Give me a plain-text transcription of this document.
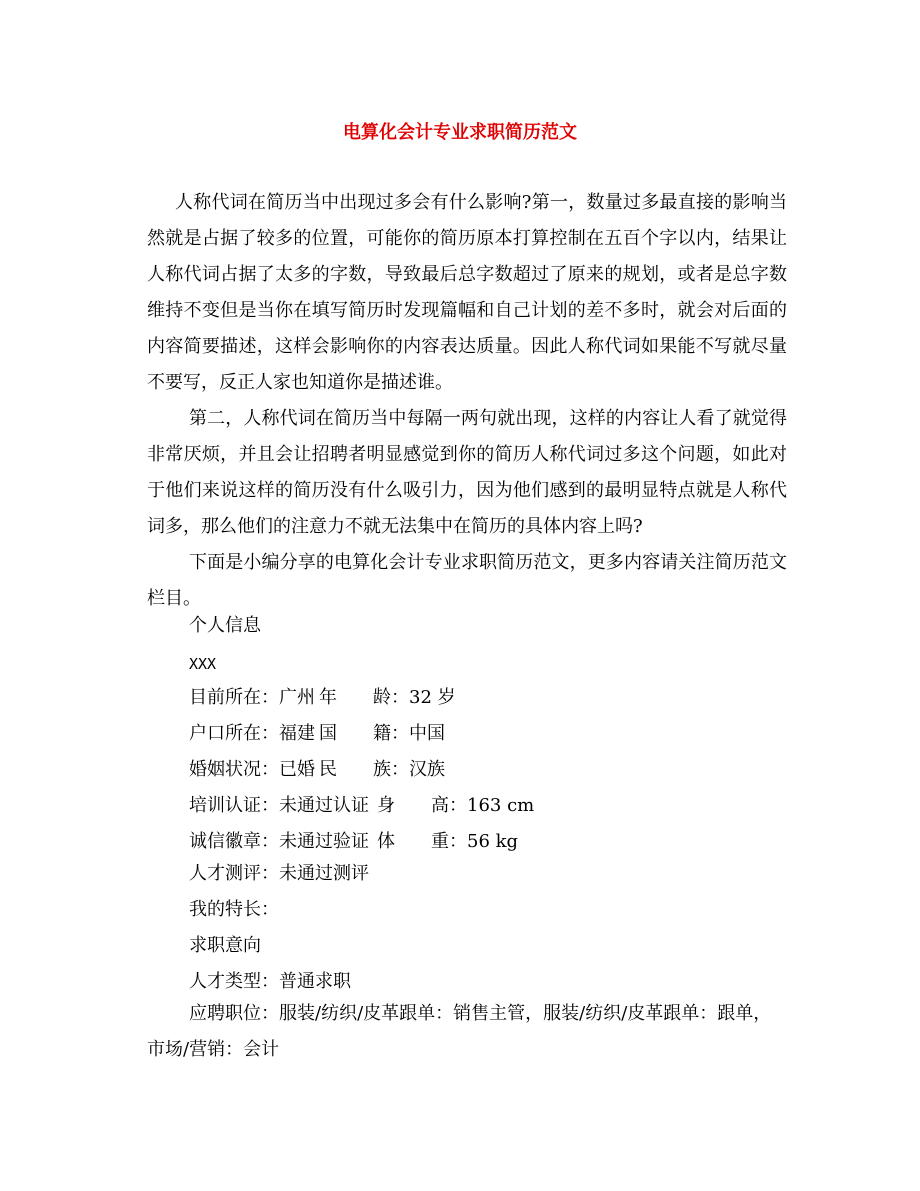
电算化会计专业求职简历范文

人称代词在简历当中出现过多会有什么影响?第一，数量过多最直接的影响当然就是占据了较多的位置，可能你的简历原本打算控制在五百个字以内，结果让人称代词占据了太多的字数，导致最后总字数超过了原来的规划，或者是总字数维持不变但是当你在填写简历时发现篇幅和自己计划的差不多时，就会对后面的内容简要描述，这样会影响你的内容表达质量。因此人称代词如果能不写就尽量不要写，反正人家也知道你是描述谁。

第二，人称代词在简历当中每隔一两句就出现，这样的内容让人看了就觉得非常厌烦，并且会让招聘者明显感觉到你的简历人称代词过多这个问题，如此对于他们来说这样的简历没有什么吸引力，因为他们感到的最明显特点就是人称代词多，那么他们的注意力不就无法集中在简历的具体内容上吗?

下面是小编分享的电算化会计专业求职简历范文，更多内容请关注简历范文栏目。

个人信息

XXX

目前所在：广州 年　　龄：32 岁

户口所在：福建 国　　籍：中国

婚姻状况：已婚 民　　族：汉族

培训认证：未通过认证 身　　高：163 cm

诚信徽章：未通过验证 体　　重：56 kg

人才测评：未通过测评

我的特长：

求职意向

人才类型：普通求职

应聘职位：服装/纺织/皮革跟单：销售主管，服装/纺织/皮革跟单：跟单，市场/营销：会计
